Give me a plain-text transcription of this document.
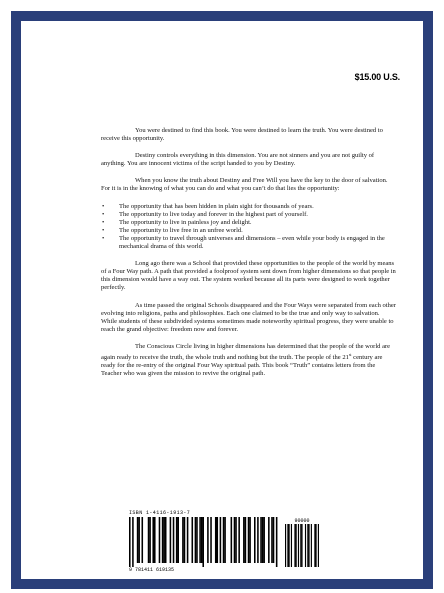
$15.00 U.S.

You were destined to find this book. You were destined to learn the truth. You were destined to receive this opportunity.

Destiny controls everything in this dimension. You are not sinners and you are not guilty of anything. You are innocent victims of the script handed to you by Destiny.

When you know the truth about Destiny and Free Will you have the key to the door of salvation. For it is in the knowing of what you can do and what you can’t do that lies the opportunity:

• The opportunity that has been hidden in plain sight for thousands of years.
• The opportunity to live today and forever in the highest part of yourself.
• The opportunity to live in painless joy and delight.
• The opportunity to live free in an unfree world.
• The opportunity to travel through universes and dimensions – even while your body is engaged in the mechanical drama of this world.

Long ago there was a School that provided these opportunities to the people of the world by means of a Four Way path. A path that provided a foolproof system sent down from higher dimensions so that people in this dimension would have a way out. The system worked because all its parts were designed to work together perfectly.

As time passed the original Schools disappeared and the Four Ways were separated from each other evolving into religions, paths and philosophies. Each one claimed to be the true and only way to salvation. While students of these subdivided systems sometimes made noteworthy spiritual progress, they were unable to reach the grand objective: freedom now and forever.

The Conscious Circle living in higher dimensions has determined that the people of the world are again ready to receive the truth, the whole truth and nothing but the truth. The people of the 21st century are ready for the re-entry of the original Four Way spiritual path. This book “Truth” contains letters from the Teacher who was given the mission to revive the original path.

ISBN 1-4116-1913-7
90000
9 781411 619135
